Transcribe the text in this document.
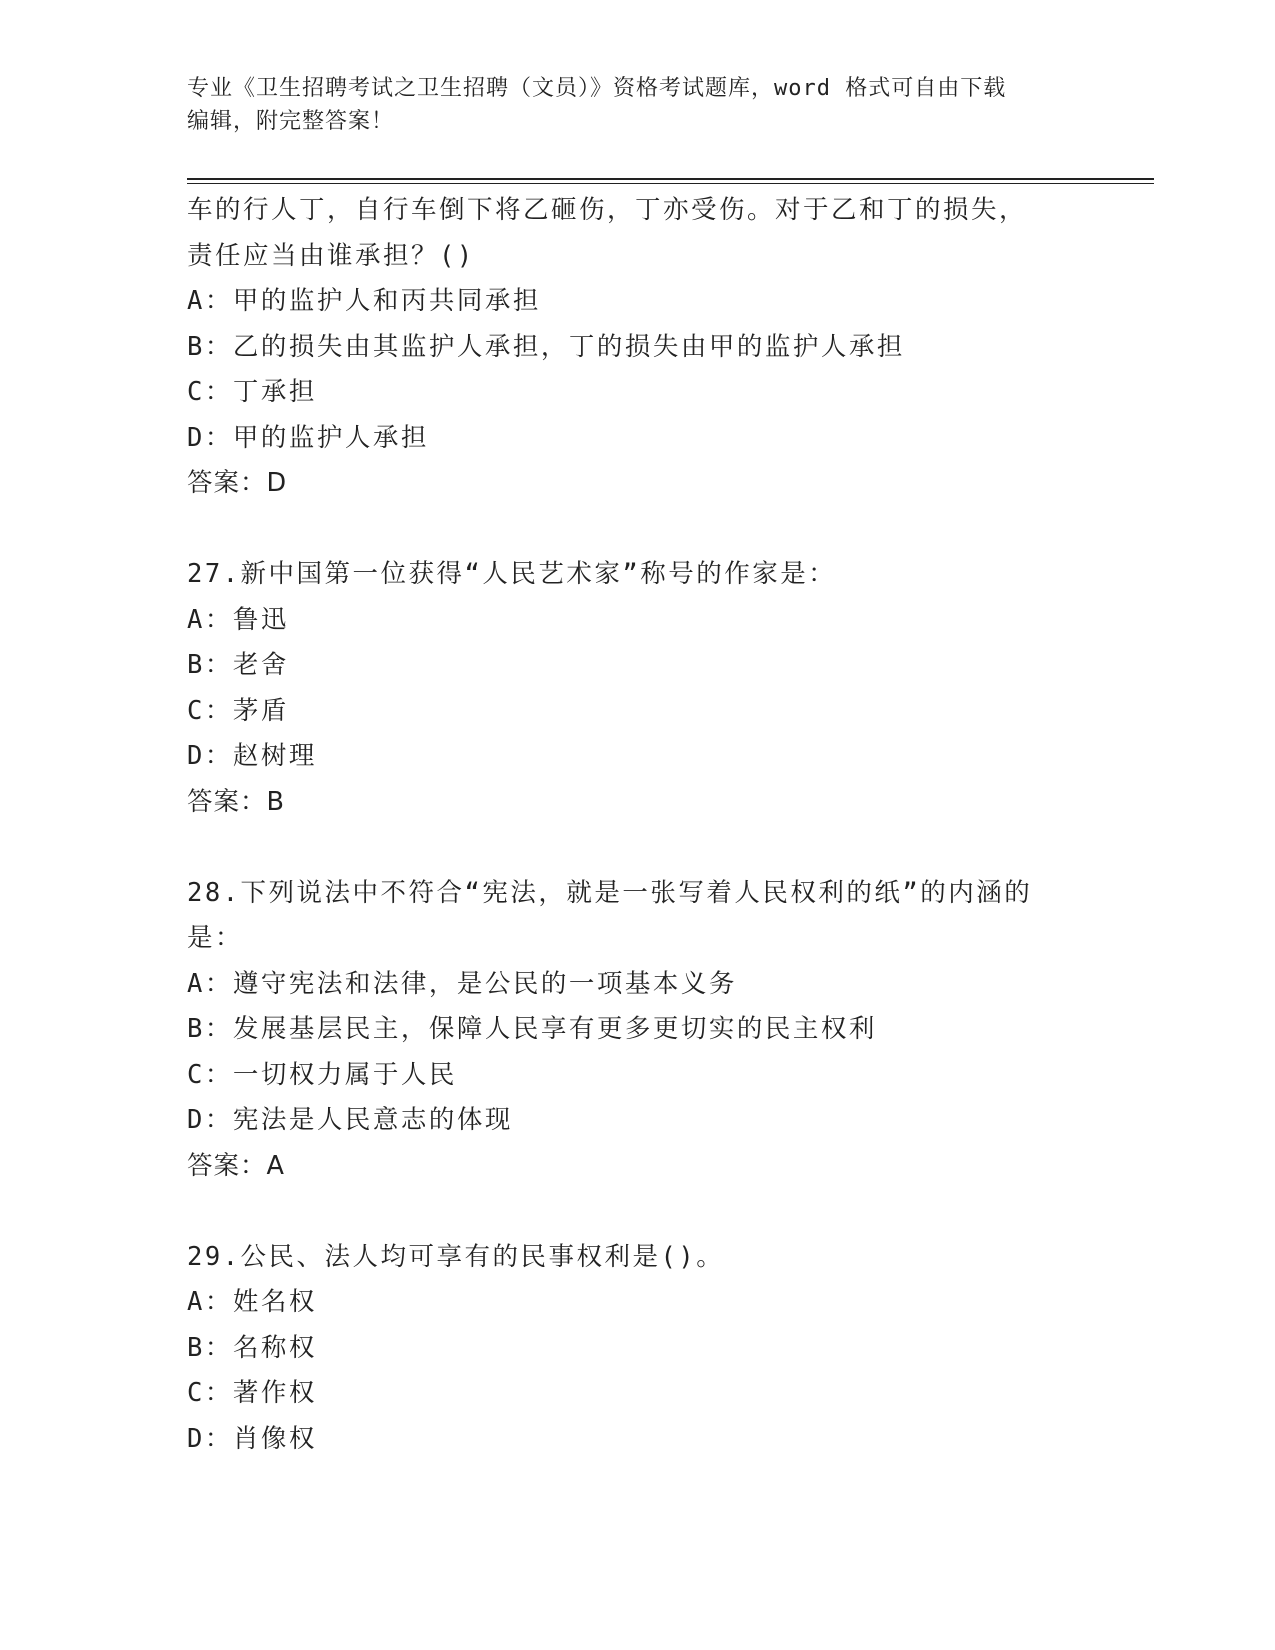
专业《卫生招聘考试之卫生招聘（文员）》资格考试题库，word 格式可自由下载
编辑，附完整答案！
车的行人丁，自行车倒下将乙砸伤，丁亦受伤。对于乙和丁的损失，
责任应当由谁承担？()
A：甲的监护人和丙共同承担
B：乙的损失由其监护人承担，丁的损失由甲的监护人承担
C：丁承担
D：甲的监护人承担
答案：D
27.新中国第一位获得“人民艺术家”称号的作家是：
A：鲁迅
B：老舍
C：茅盾
D：赵树理
答案：B
28.下列说法中不符合“宪法，就是一张写着人民权利的纸”的内涵的
是：
A：遵守宪法和法律，是公民的一项基本义务
B：发展基层民主，保障人民享有更多更切实的民主权利
C：一切权力属于人民
D：宪法是人民意志的体现
答案：A
29.公民、法人均可享有的民事权利是()。
A：姓名权
B：名称权
C：著作权
D：肖像权
